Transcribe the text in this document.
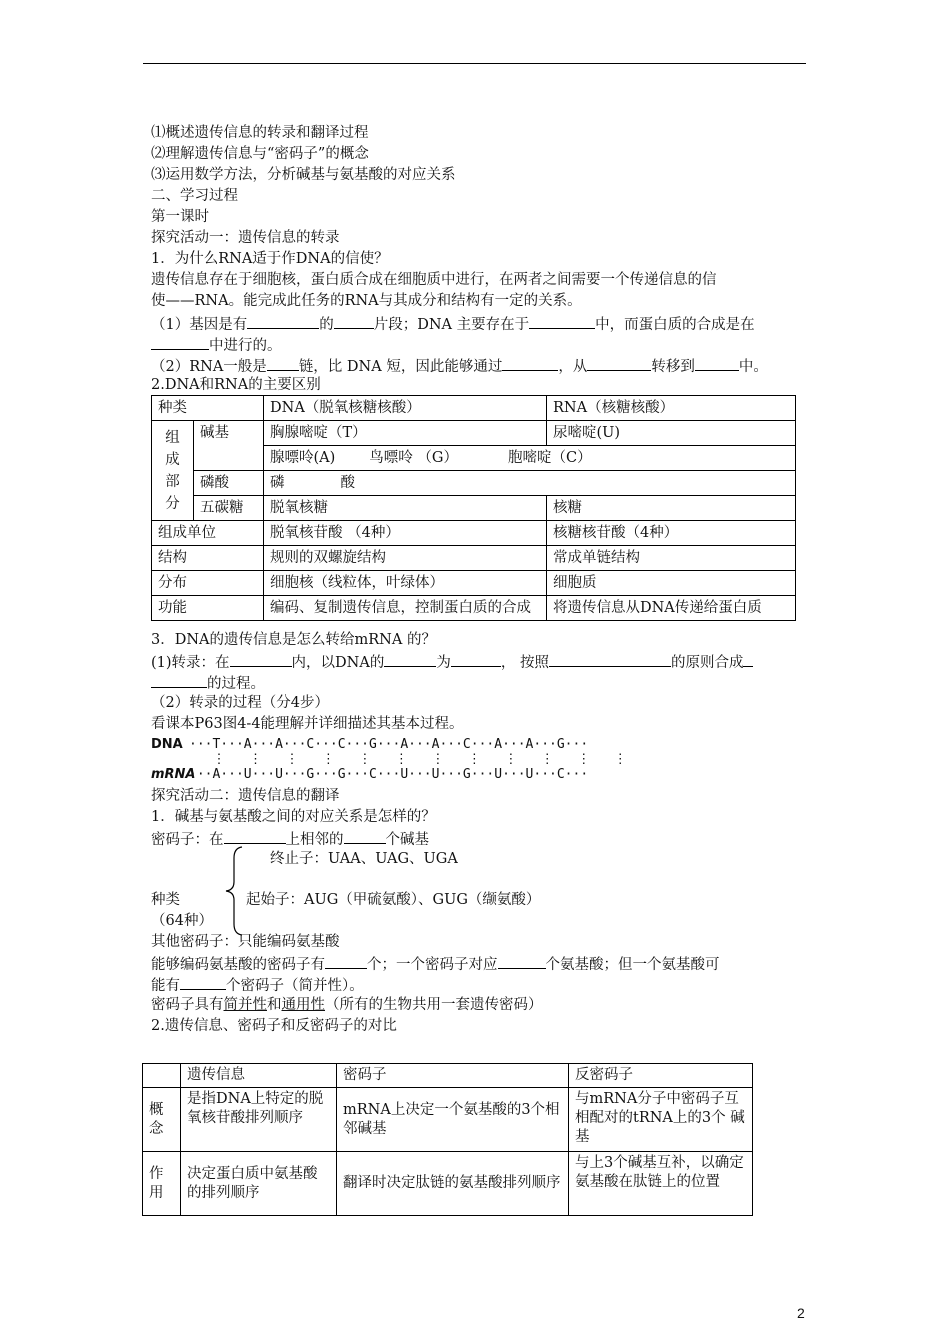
⑴概述遗传信息的转录和翻译过程
⑵理解遗传信息与“密码子”的概念
⑶运用数学方法，分析碱基与氨基酸的对应关系
二、学习过程
第一课时
探究活动一：遗传信息的转录
1．为什么RNA适于作DNA的信使？
遗传信息存在于细胞核，蛋白质合成在细胞质中进行，在两者之间需要一个传递信息的信
使——RNA。能完成此任务的RNA与其成分和结构有一定的关系。
（1）基因是有	的	片段；DNA 主要存在于	中，而蛋白质的合成是在
中进行的。
（2）RNA一般是 链，比 DNA 短，因此能够通过	，从	转移到	中。
2.DNA和RNA的主要区别
种类		DNA（脱氧核糖核酸）	RNA（核糖核酸）
组
成
部
分	碱基	胸腺嘧啶（T）	尿嘧啶(U)
		腺嘌呤(A) 鸟嘌呤 （G） 胞嘧啶（C）	
	磷酸	磷 酸	
	五碳糖	脱氧核糖	核糖
组成单位		脱氧核苷酸 （4种）	核糖核苷酸（4种）
结构		规则的双螺旋结构	常成单链结构
分布		细胞核（线粒体，叶绿体）	细胞质
功能		编码、复制遗传信息，控制蛋白质的合成	将遗传信息从DNA传递给蛋白质
3．DNA的遗传信息是怎么转给mRNA 的？
(1)转录：在	内，以DNA的	为	， 按照	的原则合成
的过程。
（2）转录的过程（分4步）
看课本P63图4-4能理解并详细描述其基本过程。
DNA ···T···A···A···C···C···G···A···A···C···A···A···G···
⋮   ⋮   ⋮   ⋮   ⋮   ⋮   ⋮   ⋮   ⋮   ⋮   ⋮   ⋮
mRNA···A···U···U···G···G···C···U···U···G···U···U···C···
探究活动二：遗传信息的翻译
1．碱基与氨基酸之间的对应关系是怎样的？
密码子：在	上相邻的	个碱基
终止子：UAA、UAG、UGA
种类	起始子：AUG（甲硫氨酸）、GUG（缬氨酸）
（64种）
其他密码子：只能编码氨基酸
能够编码氨基酸的密码子有	个；一个密码子对应	个氨基酸；但一个氨基酸可
能有	个密码子（简并性）。
密码子具有简并性和通用性（所有的生物共用一套遗传密码）
2.遗传信息、密码子和反密码子的对比
	遗传信息	密码子	反密码子
概
念	是指DNA上特定的脱氧核苷酸排列顺序	mRNA上决定一个氨基酸的3个相邻碱基	与mRNA分子中密码子互相配对的tRNA上的3个 碱基
作
用	决定蛋白质中氨基酸的排列顺序	翻译时决定肽链的氨基酸排列顺序	与上3个碱基互补，以确定氨基酸在肽链上的位置
2
